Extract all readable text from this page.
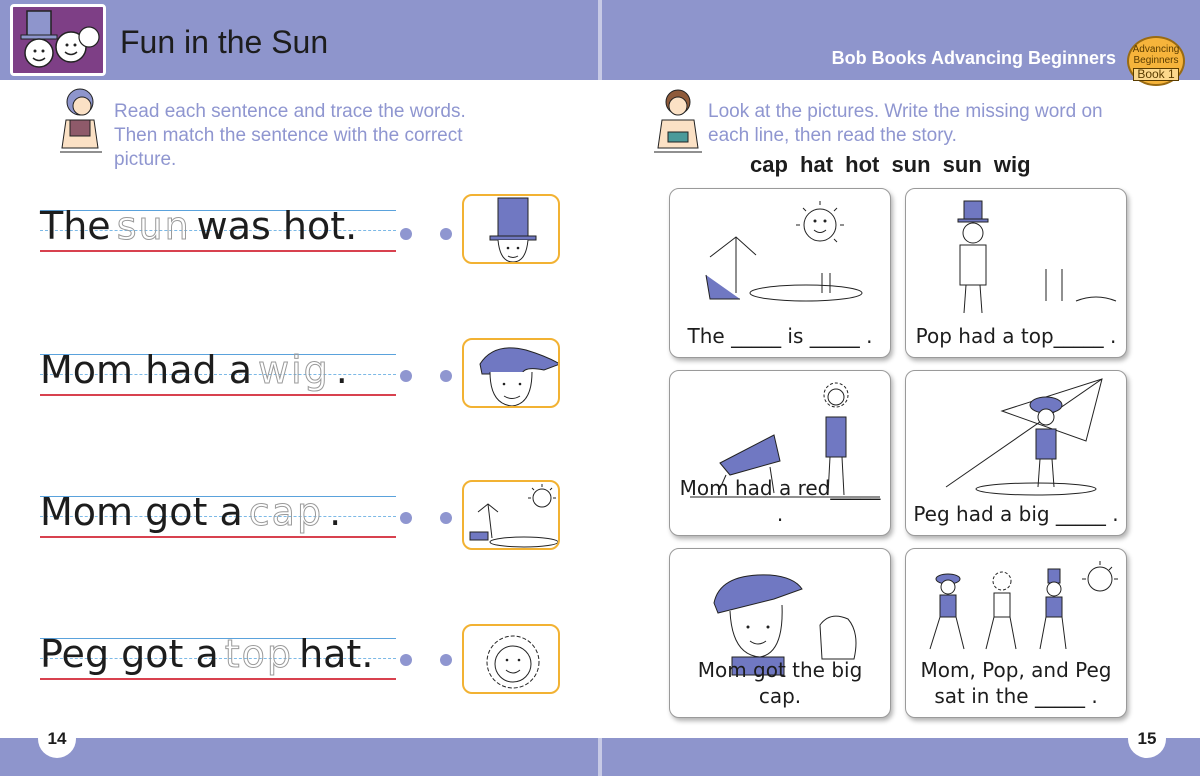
Fun in the Sun	Bob Books Advancing Beginners	Advancing
Beginners
Book 1
Read each sentence and trace the words.
Then match the sentence with the correct
picture.
The sun was hot.
Mom had a wig .
Mom got a cap .
Peg got a top hat.
Look at the pictures. Write the missing word on
each line, then read the story.
cap hat hot sun sun wig
The _____ is _____ .	Pop had a top_____ .
Mom had a red_____ .	Peg had a big _____ .
Mom got the big cap.
Mom, Pop, and Peg
sat in the _____ .
14	15
